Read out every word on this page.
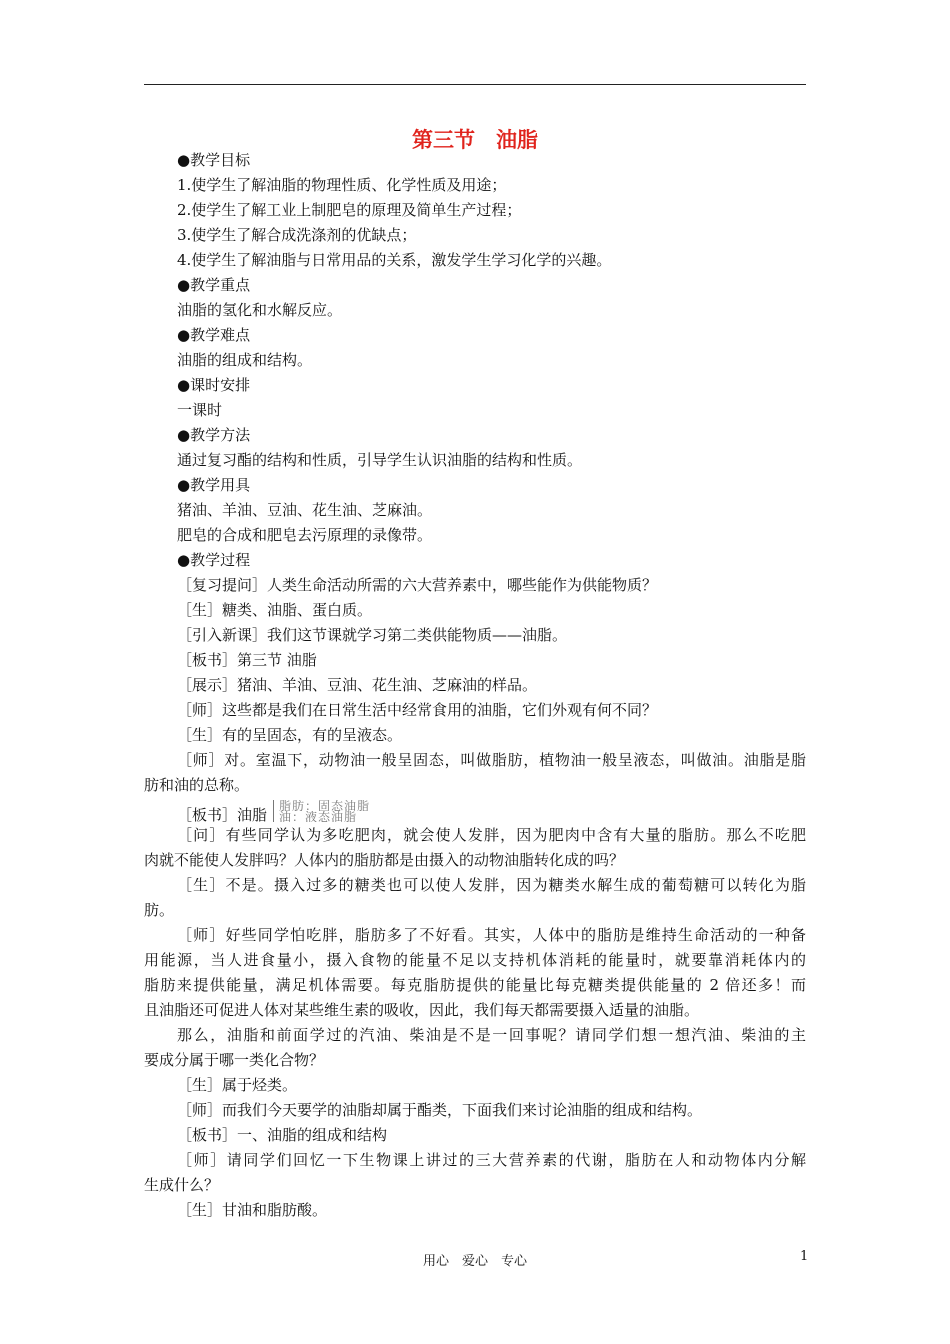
第三节　油脂
●教学目标
1.使学生了解油脂的物理性质、化学性质及用途；
2.使学生了解工业上制肥皂的原理及简单生产过程；
3.使学生了解合成洗涤剂的优缺点；
4.使学生了解油脂与日常用品的关系，激发学生学习化学的兴趣。
●教学重点
油脂的氢化和水解反应。
●教学难点
油脂的组成和结构。
●课时安排
一课时
●教学方法
通过复习酯的结构和性质，引导学生认识油脂的结构和性质。
●教学用具
猪油、羊油、豆油、花生油、芝麻油。
肥皂的合成和肥皂去污原理的录像带。
●教学过程
［复习提问］人类生命活动所需的六大营养素中，哪些能作为供能物质？
［生］糖类、油脂、蛋白质。
［引入新课］我们这节课就学习第二类供能物质——油脂。
［板书］第三节 油脂
［展示］猪油、羊油、豆油、花生油、芝麻油的样品。
［师］这些都是我们在日常生活中经常食用的油脂，它们外观有何不同？
［生］有的呈固态，有的呈液态。
［师］对。室温下，动物油一般呈固态，叫做脂肪，植物油一般呈液态，叫做油。油脂是脂
肪和油的总称。
［板书］油脂 脂肪：固态油脂
油：液态油脂
［问］有些同学认为多吃肥肉，就会使人发胖，因为肥肉中含有大量的脂肪。那么不吃肥
肉就不能使人发胖吗？人体内的脂肪都是由摄入的动物油脂转化成的吗？
［生］不是。摄入过多的糖类也可以使人发胖，因为糖类水解生成的葡萄糖可以转化为脂
肪。
［师］好些同学怕吃胖，脂肪多了不好看。其实，人体中的脂肪是维持生命活动的一种备
用能源，当人进食量小，摄入食物的能量不足以支持机体消耗的能量时，就要靠消耗体内的
脂肪来提供能量，满足机体需要。每克脂肪提供的能量比每克糖类提供能量的 2 倍还多！而
且油脂还可促进人体对某些维生素的吸收，因此，我们每天都需要摄入适量的油脂。
那么，油脂和前面学过的汽油、柴油是不是一回事呢？请同学们想一想汽油、柴油的主
要成分属于哪一类化合物？
［生］属于烃类。
［师］而我们今天要学的油脂却属于酯类，下面我们来讨论油脂的组成和结构。
［板书］一、油脂的组成和结构
［师］请同学们回忆一下生物课上讲过的三大营养素的代谢，脂肪在人和动物体内分解
生成什么？
［生］甘油和脂肪酸。
用心　爱心　专心	1
